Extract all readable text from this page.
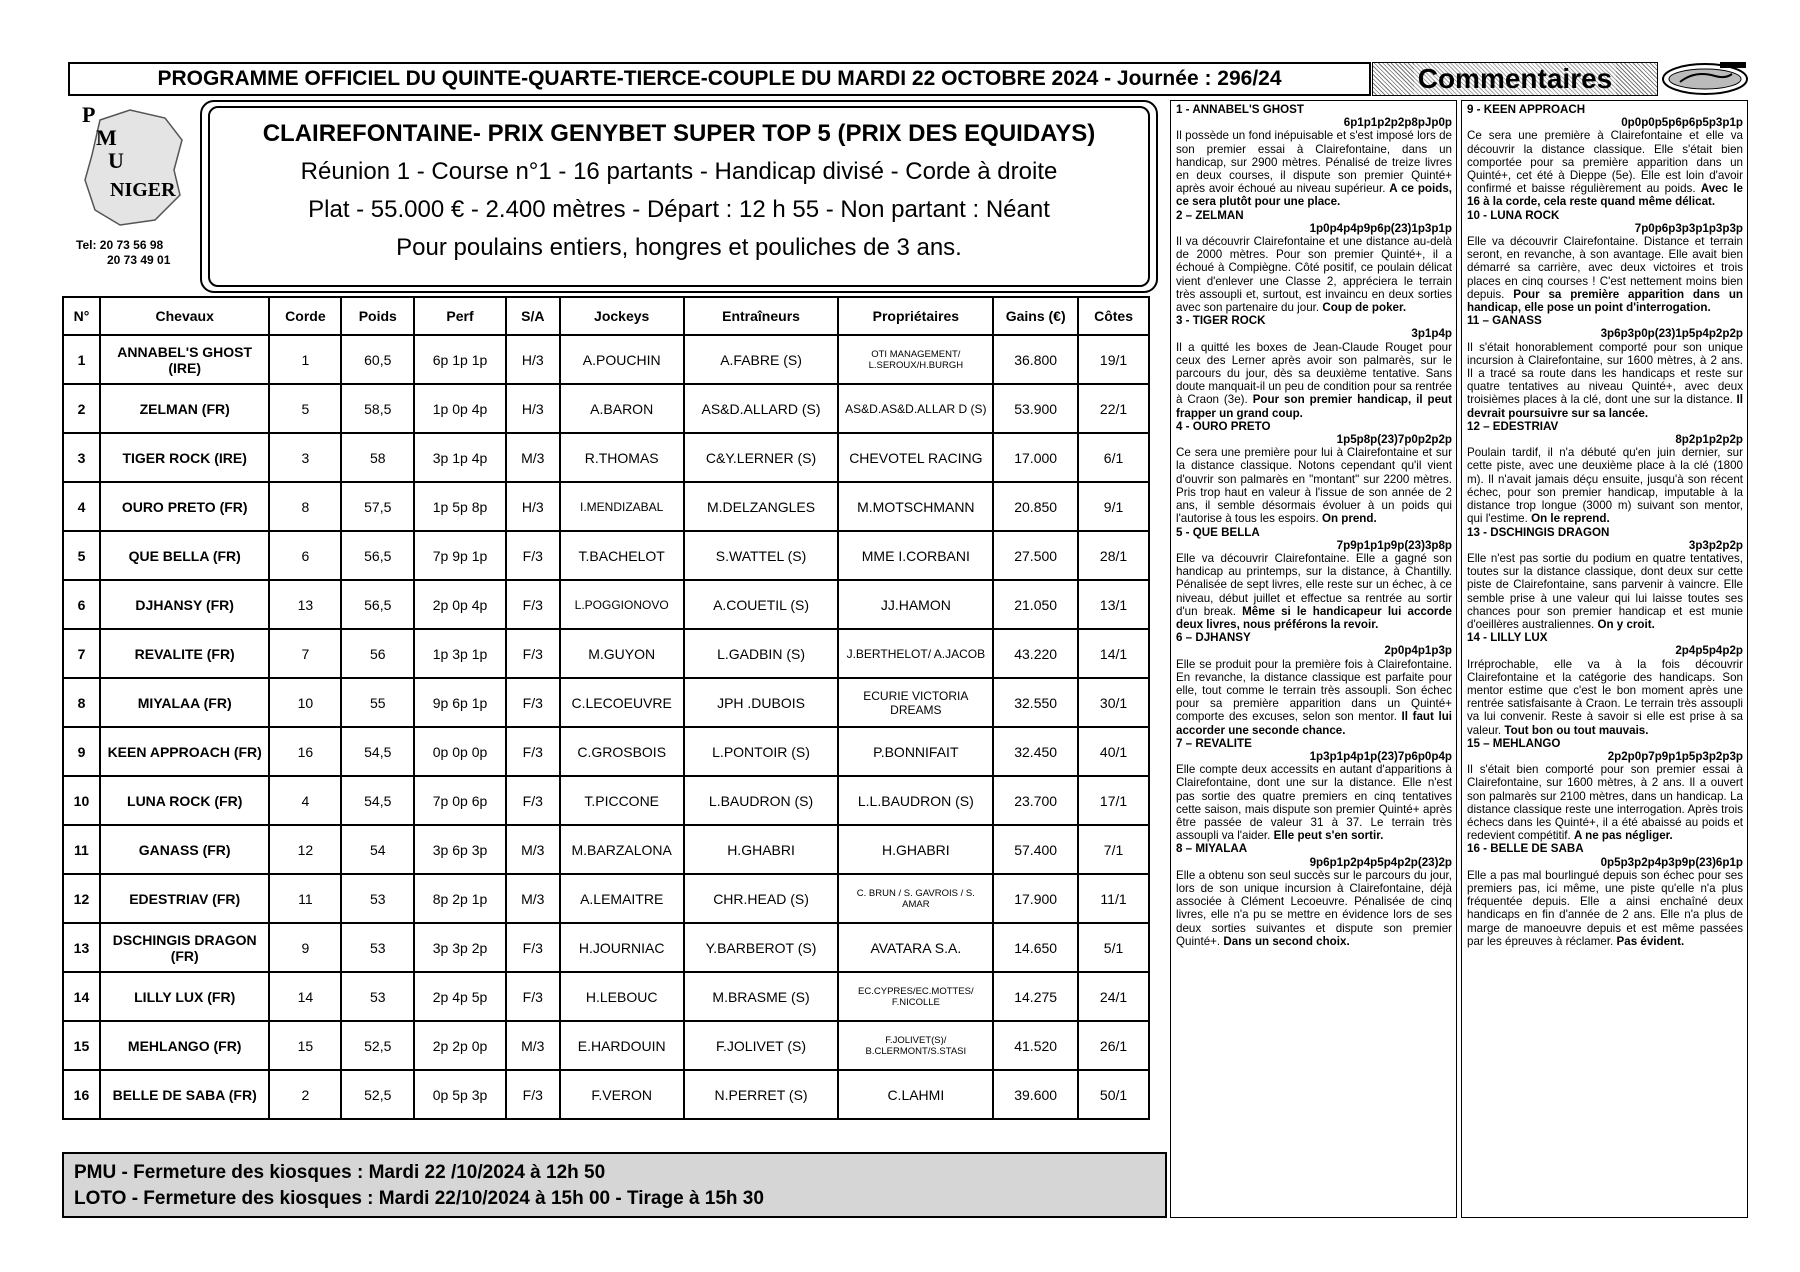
PROGRAMME OFFICIEL DU QUINTE-QUARTE-TIERCE-COUPLE DU MARDI 22 OCTOBRE 2024 - Journée : 296/24	Commentaires
P
M
U
NIGER
Tel: 20 73 56 98
20 73 49 01
CLAIREFONTAINE- PRIX GENYBET SUPER TOP 5 (PRIX DES EQUIDAYS)
Réunion 1 - Course n°1 - 16 partants - Handicap divisé - Corde à droite
Plat - 55.000 € - 2.400 mètres - Départ : 12 h 55 - Non partant : Néant
Pour poulains entiers, hongres et pouliches de 3 ans.
N°	Chevaux	Corde	Poids	Perf	S/A	Jockeys	Entraîneurs	Propriétaires	Gains (€)	Côtes
1	ANNABEL'S GHOST (IRE)	1	60,5	6p 1p 1p	H/3	A.POUCHIN	A.FABRE (S)	OTI MANAGEMENT/ L.SEROUX/H.BURGH	36.800	19/1
2	ZELMAN (FR)	5	58,5	1p 0p 4p	H/3	A.BARON	AS&D.ALLARD (S)	AS&D.AS&D.ALLAR D (S)	53.900	22/1
3	TIGER ROCK (IRE)	3	58	3p 1p 4p	M/3	R.THOMAS	C&Y.LERNER (S)	CHEVOTEL RACING	17.000	6/1
4	OURO PRETO (FR)	8	57,5	1p 5p 8p	H/3	I.MENDIZABAL	M.DELZANGLES	M.MOTSCHMANN	20.850	9/1
5	QUE BELLA (FR)	6	56,5	7p 9p 1p	F/3	T.BACHELOT	S.WATTEL (S)	MME I.CORBANI	27.500	28/1
6	DJHANSY (FR)	13	56,5	2p 0p 4p	F/3	L.POGGIONOVO	A.COUETIL (S)	JJ.HAMON	21.050	13/1
7	REVALITE (FR)	7	56	1p 3p 1p	F/3	M.GUYON	L.GADBIN (S)	J.BERTHELOT/ A.JACOB	43.220	14/1
8	MIYALAA (FR)	10	55	9p 6p 1p	F/3	C.LECOEUVRE	JPH .DUBOIS	ECURIE VICTORIA DREAMS	32.550	30/1
9	KEEN APPROACH (FR)	16	54,5	0p 0p 0p	F/3	C.GROSBOIS	L.PONTOIR (S)	P.BONNIFAIT	32.450	40/1
10	LUNA ROCK (FR)	4	54,5	7p 0p 6p	F/3	T.PICCONE	L.BAUDRON (S)	L.L.BAUDRON (S)	23.700	17/1
11	GANASS (FR)	12	54	3p 6p 3p	M/3	M.BARZALONA	H.GHABRI	H.GHABRI	57.400	7/1
12	EDESTRIAV (FR)	11	53	8p 2p 1p	M/3	A.LEMAITRE	CHR.HEAD (S)	C. BRUN / S. GAVROIS / S. AMAR	17.900	11/1
13	DSCHINGIS DRAGON (FR)	9	53	3p 3p 2p	F/3	H.JOURNIAC	Y.BARBEROT (S)	AVATARA S.A.	14.650	5/1
14	LILLY LUX (FR)	14	53	2p 4p 5p	F/3	H.LEBOUC	M.BRASME (S)	EC.CYPRES/EC.MOTTES/ F.NICOLLE	14.275	24/1
15	MEHLANGO (FR)	15	52,5	2p 2p 0p	M/3	E.HARDOUIN	F.JOLIVET (S)	F.JOLIVET(S)/ B.CLERMONT/S.STASI	41.520	26/1
16	BELLE DE SABA (FR)	2	52,5	0p 5p 3p	F/3	F.VERON	N.PERRET (S)	C.LAHMI	39.600	50/1
PMU - Fermeture des kiosques : Mardi 22 /10/2024 à 12h 50
LOTO - Fermeture des kiosques : Mardi 22/10/2024 à 15h 00 - Tirage à 15h 30
1 - ANNABEL'S GHOST
6p1p1p2p2p8pJp0p
Il possède un fond inépuisable et s'est imposé lors de son premier essai à Clairefontaine, dans un handicap, sur 2900 mètres. Pénalisé de treize livres en deux courses, il dispute son premier Quinté+ après avoir échoué au niveau supérieur. A ce poids, ce sera plutôt pour une place.
2 – ZELMAN
1p0p4p4p9p6p(23)1p3p1p
Il va découvrir Clairefontaine et une distance au-delà de 2000 mètres. Pour son premier Quinté+, il a échoué à Compiègne. Côté positif, ce poulain délicat vient d'enlever une Classe 2, appréciera le terrain très assoupli et, surtout, est invaincu en deux sorties avec son partenaire du jour. Coup de poker.
3 - TIGER ROCK
3p1p4p
Il a quitté les boxes de Jean-Claude Rouget pour ceux des Lerner après avoir son palmarès, sur le parcours du jour, dès sa deuxième tentative. Sans doute manquait-il un peu de condition pour sa rentrée à Craon (3e). Pour son premier handicap, il peut frapper un grand coup.
4 - OURO PRETO
1p5p8p(23)7p0p2p2p
Ce sera une première pour lui à Clairefontaine et sur la distance classique. Notons cependant qu'il vient d'ouvrir son palmarès en "montant" sur 2200 mètres. Pris trop haut en valeur à l'issue de son année de 2 ans, il semble désormais évoluer à un poids qui l'autorise à tous les espoirs. On prend.
5 - QUE BELLA
7p9p1p1p9p(23)3p8p
Elle va découvrir Clairefontaine. Elle a gagné son handicap au printemps, sur la distance, à Chantilly. Pénalisée de sept livres, elle reste sur un échec, à ce niveau, début juillet et effectue sa rentrée au sortir d'un break. Même si le handicapeur lui accorde deux livres, nous préférons la revoir.
6 – DJHANSY
2p0p4p1p3p
Elle se produit pour la première fois à Clairefontaine. En revanche, la distance classique est parfaite pour elle, tout comme le terrain très assoupli. Son échec pour sa première apparition dans un Quinté+ comporte des excuses, selon son mentor. Il faut lui accorder une seconde chance.
7 – REVALITE
1p3p1p4p1p(23)7p6p0p4p
Elle compte deux accessits en autant d'apparitions à Clairefontaine, dont une sur la distance. Elle n'est pas sortie des quatre premiers en cinq tentatives cette saison, mais dispute son premier Quinté+ après être passée de valeur 31 à 37. Le terrain très assoupli va l'aider. Elle peut s'en sortir.
8 – MIYALAA
9p6p1p2p4p5p4p2p(23)2p
Elle a obtenu son seul succès sur le parcours du jour, lors de son unique incursion à Clairefontaine, déjà associée à Clément Lecoeuvre. Pénalisée de cinq livres, elle n'a pu se mettre en évidence lors de ses deux sorties suivantes et dispute son premier Quinté+. Dans un second choix.
9 - KEEN APPROACH
0p0p0p5p6p6p5p3p1p
Ce sera une première à Clairefontaine et elle va découvrir la distance classique. Elle s'était bien comportée pour sa première apparition dans un Quinté+, cet été à Dieppe (5e). Elle est loin d'avoir confirmé et baisse régulièrement au poids. Avec le 16 à la corde, cela reste quand même délicat.
10 - LUNA ROCK
7p0p6p3p3p1p3p3p
Elle va découvrir Clairefontaine. Distance et terrain seront, en revanche, à son avantage. Elle avait bien démarré sa carrière, avec deux victoires et trois places en cinq courses ! C'est nettement moins bien depuis. Pour sa première apparition dans un handicap, elle pose un point d'interrogation.
11 – GANASS
3p6p3p0p(23)1p5p4p2p2p
Il s'était honorablement comporté pour son unique incursion à Clairefontaine, sur 1600 mètres, à 2 ans. Il a tracé sa route dans les handicaps et reste sur quatre tentatives au niveau Quinté+, avec deux troisièmes places à la clé, dont une sur la distance. Il devrait poursuivre sur sa lancée.
12 – EDESTRIAV
8p2p1p2p2p
Poulain tardif, il n'a débuté qu'en juin dernier, sur cette piste, avec une deuxième place à la clé (1800 m). Il n'avait jamais déçu ensuite, jusqu'à son récent échec, pour son premier handicap, imputable à la distance trop longue (3000 m) suivant son mentor, qui l'estime. On le reprend.
13 - DSCHINGIS DRAGON
3p3p2p2p
Elle n'est pas sortie du podium en quatre tentatives, toutes sur la distance classique, dont deux sur cette piste de Clairefontaine, sans parvenir à vaincre. Elle semble prise à une valeur qui lui laisse toutes ses chances pour son premier handicap et est munie d'oeillères australiennes. On y croit.
14 - LILLY LUX
2p4p5p4p2p
Irréprochable, elle va à la fois découvrir Clairefontaine et la catégorie des handicaps. Son mentor estime que c'est le bon moment après une rentrée satisfaisante à Craon. Le terrain très assoupli va lui convenir. Reste à savoir si elle est prise à sa valeur. Tout bon ou tout mauvais.
15 – MEHLANGO
2p2p0p7p9p1p5p3p2p3p
Il s'était bien comporté pour son premier essai à Clairefontaine, sur 1600 mètres, à 2 ans. Il a ouvert son palmarès sur 2100 mètres, dans un handicap. La distance classique reste une interrogation. Après trois échecs dans les Quinté+, il a été abaissé au poids et redevient compétitif. A ne pas négliger.
16 - BELLE DE SABA
0p5p3p2p4p3p9p(23)6p1p
Elle a pas mal bourlingué depuis son échec pour ses premiers pas, ici même, une piste qu'elle n'a plus fréquentée depuis. Elle a ainsi enchaîné deux handicaps en fin d'année de 2 ans. Elle n'a plus de marge de manoeuvre depuis et est même passées par les épreuves à réclamer. Pas évident.
